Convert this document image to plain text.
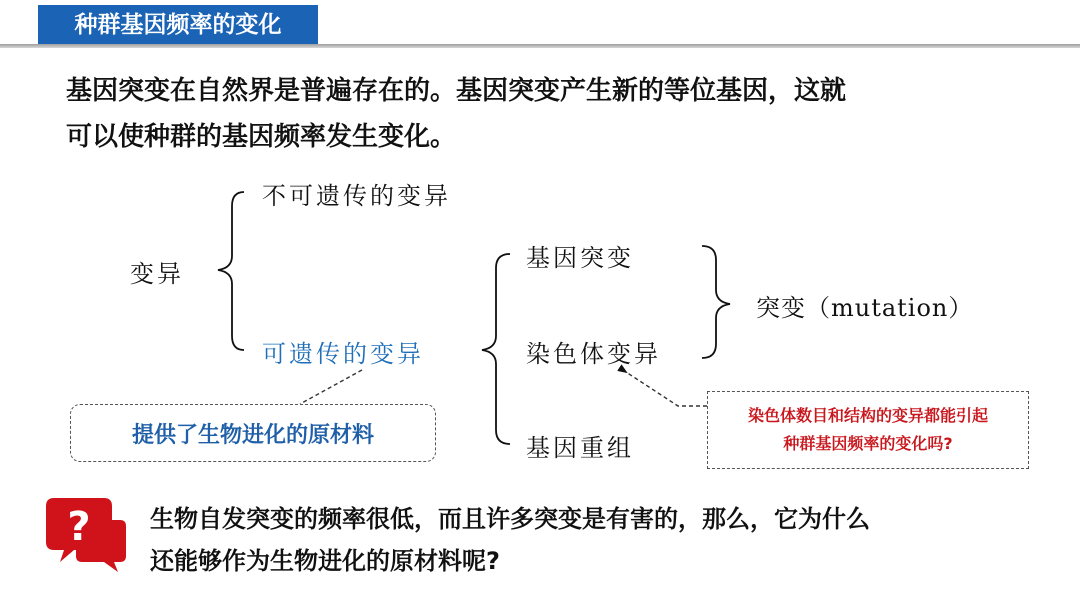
种群基因频率的变化
基因突变在自然界是普遍存在的。基因突变产生新的等位基因，这就
可以使种群的基因频率发生变化。
变异
不可遗传的变异
可遗传的变异
基因突变
染色体变异
基因重组
突变（mutation）
提供了生物进化的原材料
染色体数目和结构的变异都能引起
种群基因频率的变化吗?
? 生物自发突变的频率很低，而且许多突变是有害的，那么，它为什么
还能够作为生物进化的原材料呢?
